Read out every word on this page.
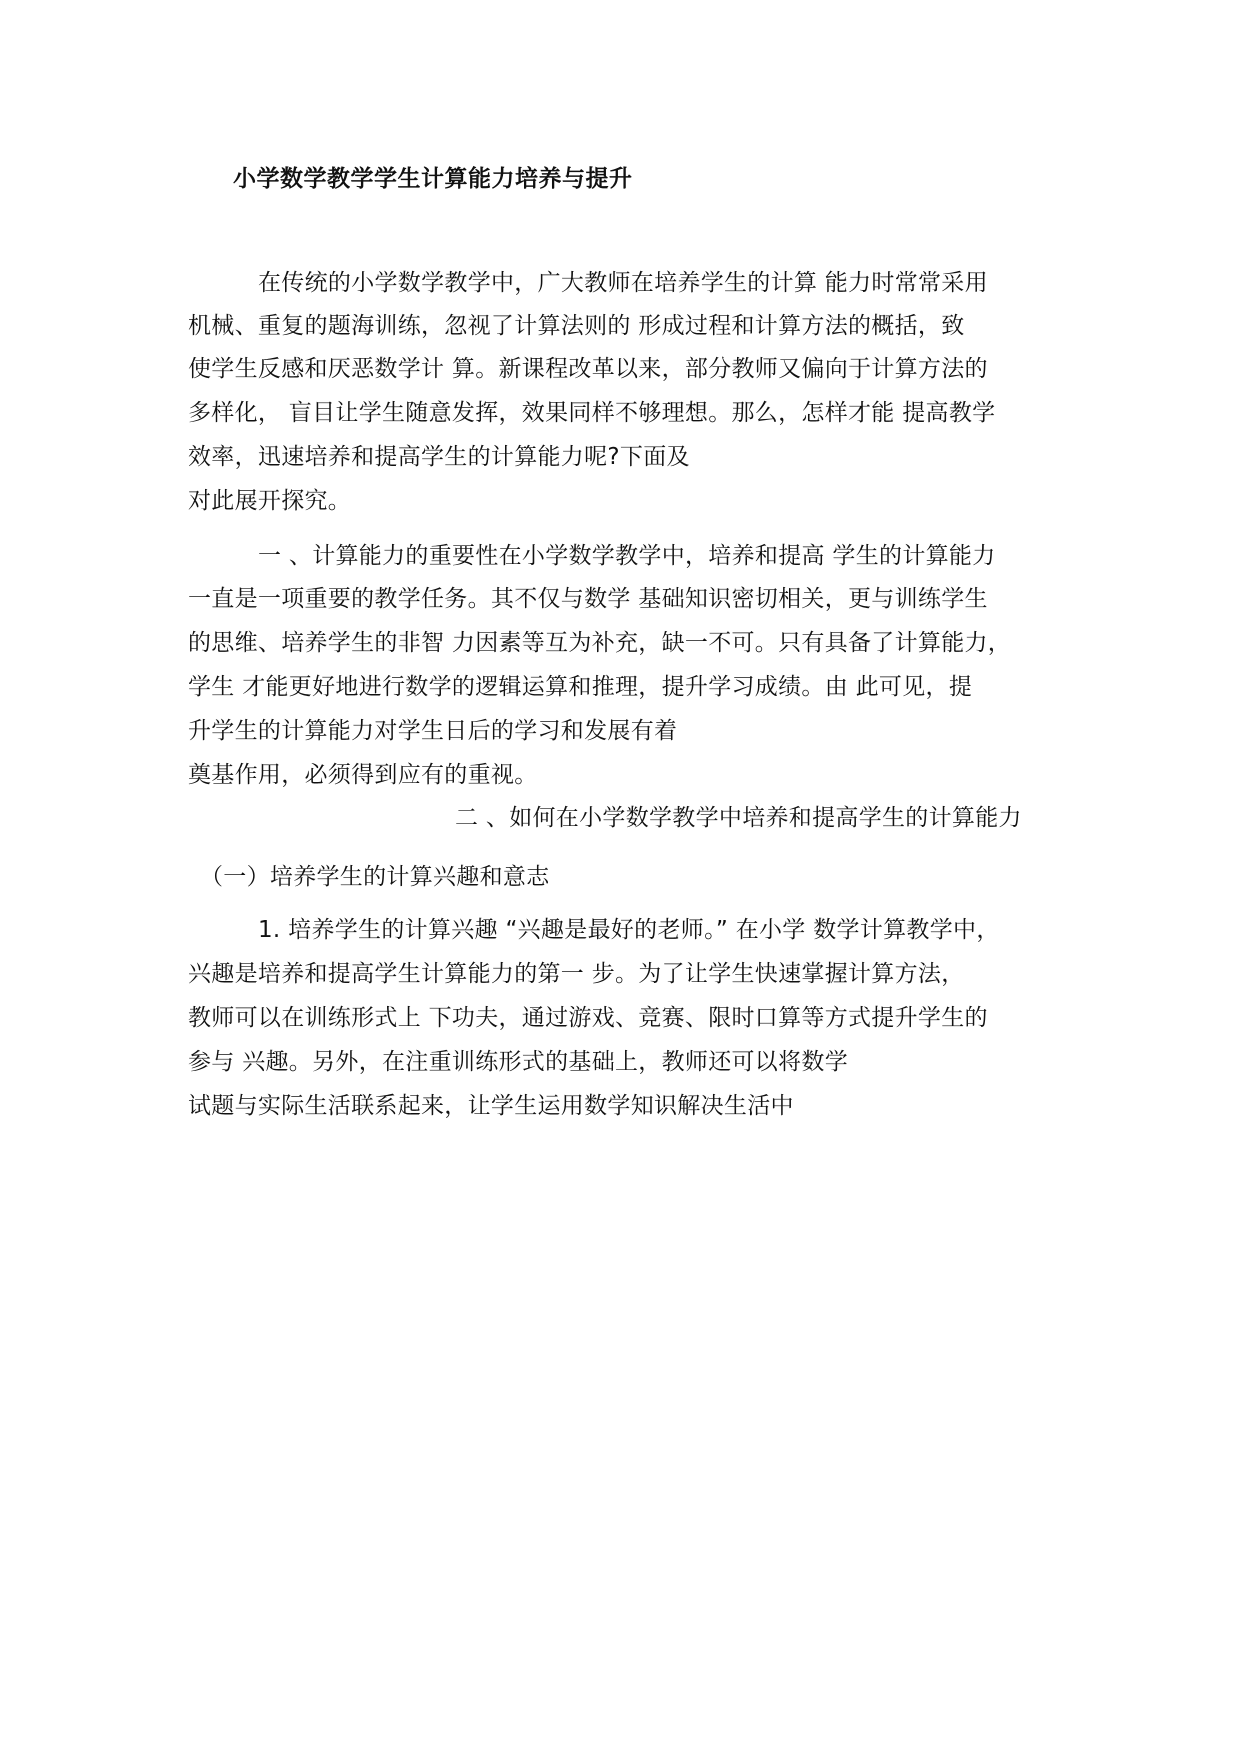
小学数学教学学生计算能力培养与提升
在传统的小学数学教学中，广大教师在培养学生的计算 能力时常常采用
机械、重复的题海训练，忽视了计算法则的 形成过程和计算方法的概括，致
使学生反感和厌恶数学计 算。新课程改革以来，部分教师又偏向于计算方法的
多样化， 盲目让学生随意发挥，效果同样不够理想。那么，怎样才能 提高教学
效率，迅速培养和提高学生的计算能力呢?下面及
对此展开探究。
一 、计算能力的重要性在小学数学教学中，培养和提高 学生的计算能力
一直是一项重要的教学任务。其不仅与数学 基础知识密切相关，更与训练学生
的思维、培养学生的非智 力因素等互为补充，缺一不可。只有具备了计算能力，
学生 才能更好地进行数学的逻辑运算和推理，提升学习成绩。由 此可见，提
升学生的计算能力对学生日后的学习和发展有着
奠基作用，必须得到应有的重视。
二 、如何在小学数学教学中培养和提高学生的计算能力
（一）培养学生的计算兴趣和意志
1. 培养学生的计算兴趣 “兴趣是最好的老师。” 在小学 数学计算教学中，
兴趣是培养和提高学生计算能力的第一 步。为了让学生快速掌握计算方法，
教师可以在训练形式上 下功夫，通过游戏、竞赛、限时口算等方式提升学生的
参与 兴趣。另外，在注重训练形式的基础上，教师还可以将数学
试题与实际生活联系起来，让学生运用数学知识解决生活中
